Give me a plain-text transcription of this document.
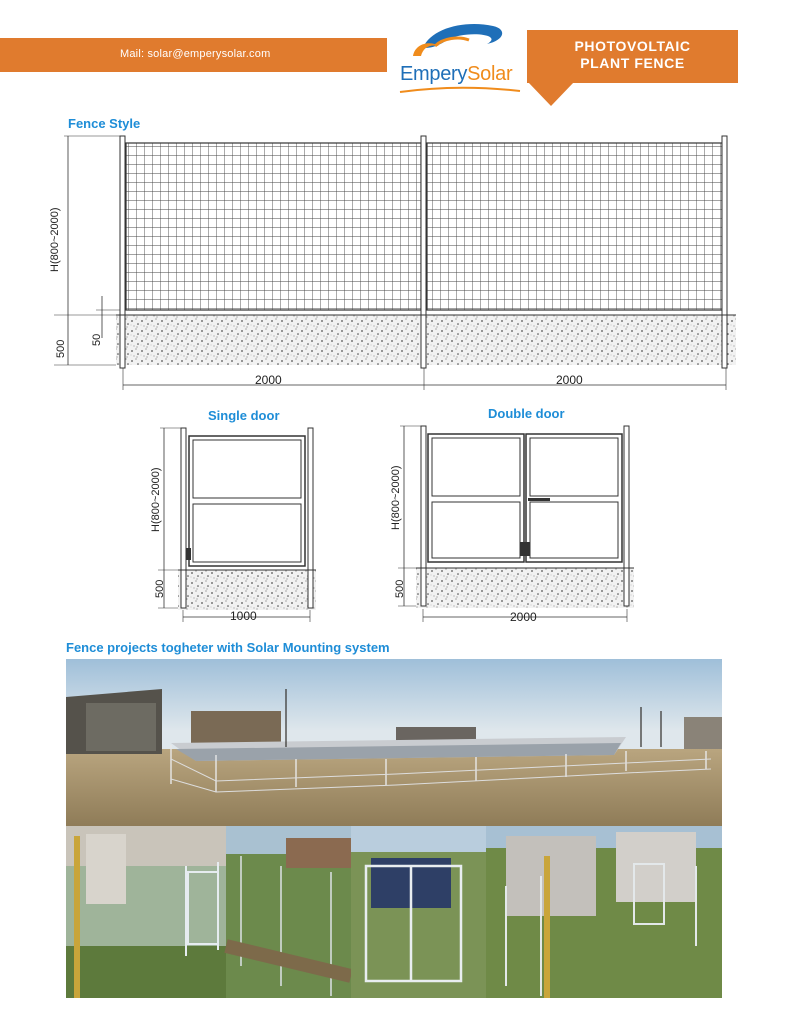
Mail: solar@emperysolar.com
EmperySolar
PHOTOVOLTAIC
PLANT FENCE
Fence Style
H(800~2000)
500 50
2000	2000
Single door
H(800~2000)
500
1000
Double door
H(800~2000)
500
2000
Fence projects togheter with Solar Mounting system
